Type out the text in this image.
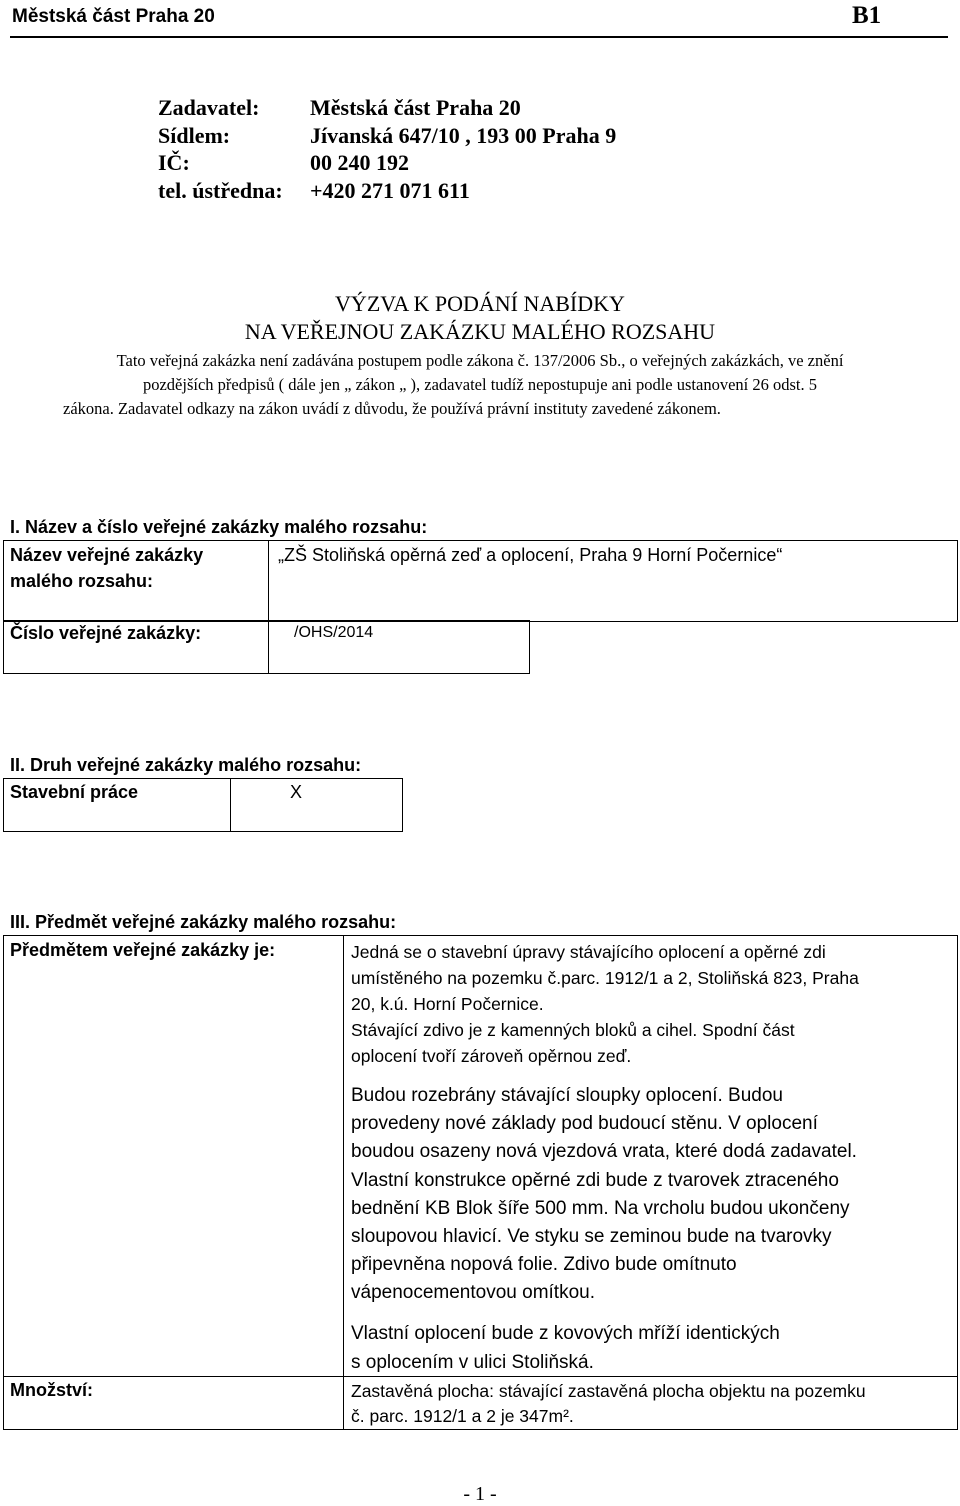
Městská část Praha 20	B1
Zadavatel: Městská část Praha 20
Sídlem:	Jívanská 647/10 , 193 00 Praha 9
IČ:	00 240 192
tel. ústředna: +420 271 071 611
VÝZVA K PODÁNÍ NABÍDKY
NA VEŘEJNOU ZAKÁZKU MALÉHO ROZSAHU
Tato veřejná zakázka není zadávána postupem podle zákona č. 137/2006 Sb., o veřejných zakázkách, ve znění
pozdějších předpisů ( dále jen „ zákon „ ), zadavatel tudíž nepostupuje ani podle ustanovení 26 odst. 5
zákona. Zadavatel odkazy na zákon uvádí z důvodu, že používá právní instituty zavedené zákonem.
I. Název a číslo veřejné zakázky malého rozsahu:
Název veřejné zakázky
malého rozsahu:
„ZŠ Stoliňská opěrná zeď a oplocení, Praha 9 Horní Počernice“
Číslo veřejné zakázky:	/OHS/2014
II. Druh veřejné zakázky malého rozsahu:
Stavební práce	X
III. Předmět veřejné zakázky malého rozsahu:
Předmětem veřejné zakázky je:	Jedná se o stavební úpravy stávajícího oplocení a opěrné zdi
umístěného na pozemku č.parc. 1912/1 a 2, Stoliňská 823, Praha
20, k.ú. Horní Počernice.
Stávající zdivo je z kamenných bloků a cihel. Spodní část
oplocení tvoří zároveň opěrnou zeď.
Budou rozebrány stávající sloupky oplocení. Budou
provedeny nové základy pod budoucí stěnu. V oplocení
boudou osazeny nová vjezdová vrata, které dodá zadavatel.
Vlastní konstrukce opěrné zdi bude z tvarovek ztraceného
bednění KB Blok šíře 500 mm. Na vrcholu budou ukončeny
sloupovou hlavicí. Ve styku se zeminou bude na tvarovky
připevněna nopová folie. Zdivo bude omítnuto
vápenocementovou omítkou.
Vlastní oplocení bude z kovových mříží identických
s oplocením v ulici Stoliňská.
Množství:	Zastavěná plocha: stávající zastavěná plocha objektu na pozemku
č. parc. 1912/1 a 2 je 347m².
- 1 -
